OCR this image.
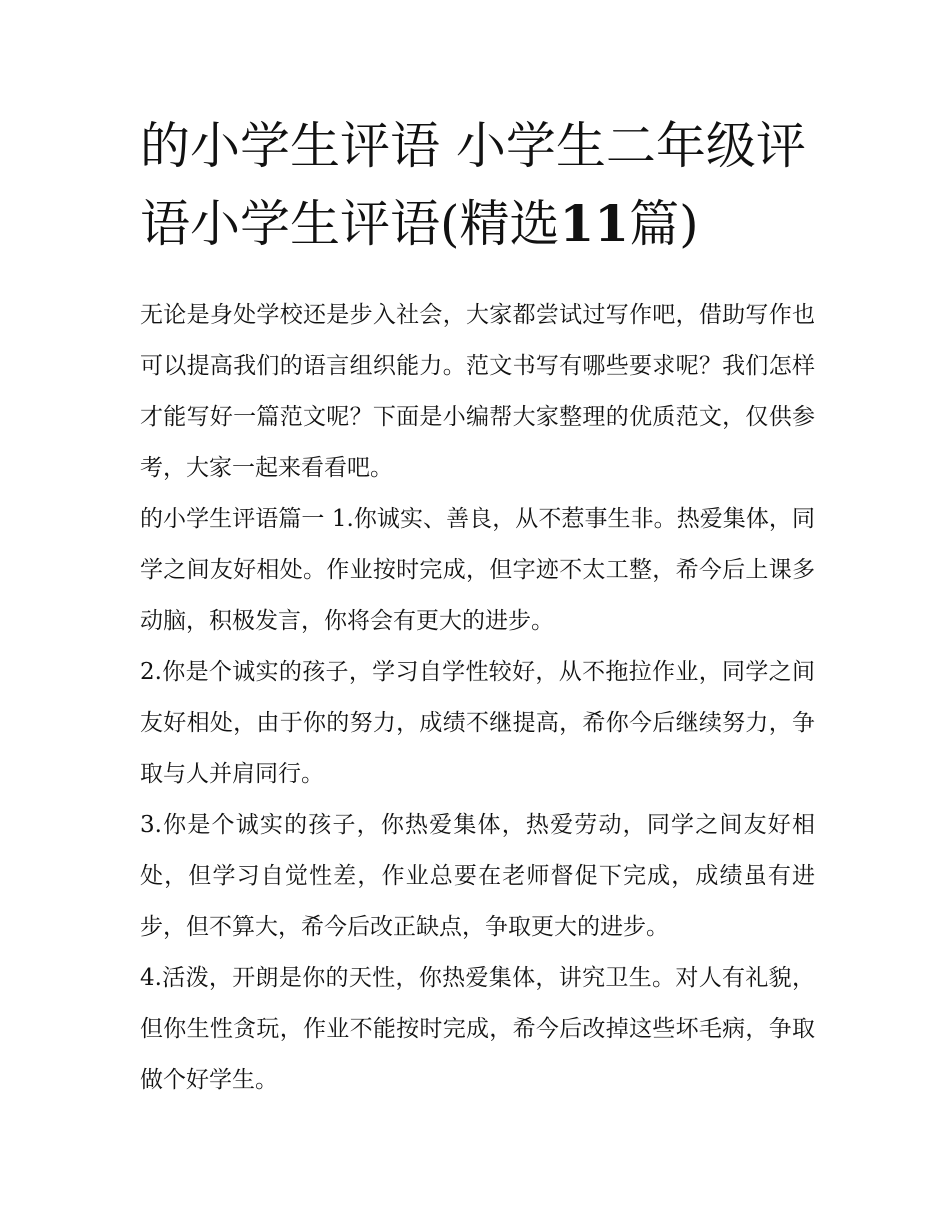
的小学生评语 小学生二年级评语小学生评语(精选11篇)

无论是身处学校还是步入社会，大家都尝试过写作吧，借助写作也可以提高我们的语言组织能力。范文书写有哪些要求呢？我们怎样才能写好一篇范文呢？下面是小编帮大家整理的优质范文，仅供参考，大家一起来看看吧。

的小学生评语篇一 1.你诚实、善良，从不惹事生非。热爱集体，同学之间友好相处。作业按时完成，但字迹不太工整，希今后上课多动脑，积极发言，你将会有更大的进步。

2.你是个诚实的孩子，学习自学性较好，从不拖拉作业，同学之间友好相处，由于你的努力，成绩不继提高，希你今后继续努力，争取与人并肩同行。

3.你是个诚实的孩子，你热爱集体，热爱劳动，同学之间友好相处，但学习自觉性差，作业总要在老师督促下完成，成绩虽有进步，但不算大，希今后改正缺点，争取更大的进步。

4.活泼，开朗是你的天性，你热爱集体，讲究卫生。对人有礼貌，但你生性贪玩，作业不能按时完成，希今后改掉这些坏毛病，争取做个好学生。
